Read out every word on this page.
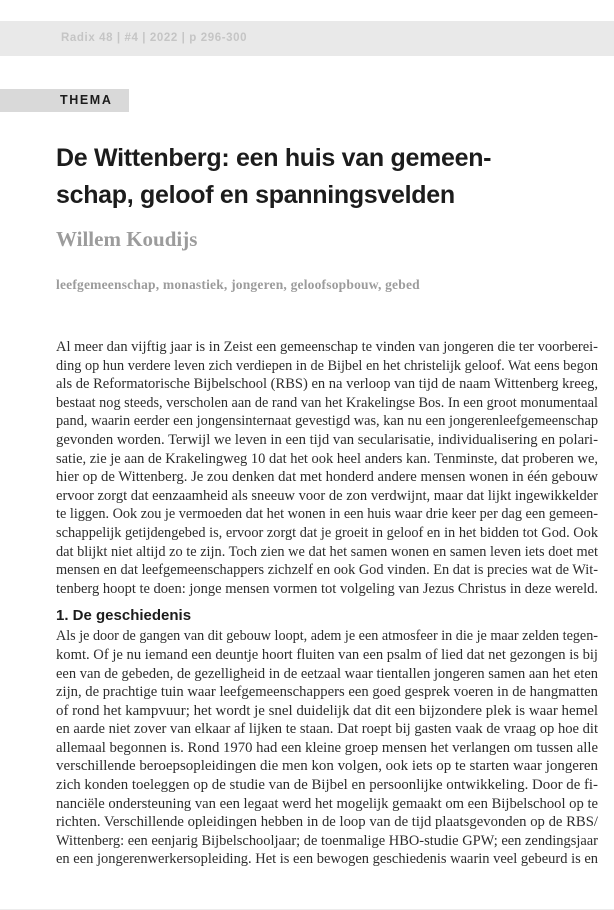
Radix 48 | #4 | 2022 | p 296-300
THEMA
De Wittenberg: een huis van gemeen-
schap, geloof en spanningsvelden
Willem Koudijs
leefgemeenschap, monastiek, jongeren, geloofsopbouw, gebed
Al meer dan vijftig jaar is in Zeist een gemeenschap te vinden van jongeren die ter voorberei-
ding op hun verdere leven zich verdiepen in de Bijbel en het christelijk geloof. Wat eens begon
als de Reformatorische Bijbelschool (RBS) en na verloop van tijd de naam Wittenberg kreeg,
bestaat nog steeds, verscholen aan de rand van het Krakelingse Bos. In een groot monumentaal
pand, waarin eerder een jongensinternaat gevestigd was, kan nu een jongerenleefgemeenschap
gevonden worden. Terwijl we leven in een tijd van secularisatie, individualisering en polari-
satie, zie je aan de Krakelingweg 10 dat het ook heel anders kan. Tenminste, dat proberen we,
hier op de Wittenberg. Je zou denken dat met honderd andere mensen wonen in één gebouw
ervoor zorgt dat eenzaamheid als sneeuw voor de zon verdwijnt, maar dat lijkt ingewikkelder
te liggen. Ook zou je vermoeden dat het wonen in een huis waar drie keer per dag een gemeen-
schappelijk getijdengebed is, ervoor zorgt dat je groeit in geloof en in het bidden tot God. Ook
dat blijkt niet altijd zo te zijn. Toch zien we dat het samen wonen en samen leven iets doet met
mensen en dat leefgemeenschappers zichzelf en ook God vinden. En dat is precies wat de Wit-
tenberg hoopt te doen: jonge mensen vormen tot volgeling van Jezus Christus in deze wereld.
1. De geschiedenis
Als je door de gangen van dit gebouw loopt, adem je een atmosfeer in die je maar zelden tegen-
komt. Of je nu iemand een deuntje hoort fluiten van een psalm of lied dat net gezongen is bij
een van de gebeden, de gezelligheid in de eetzaal waar tientallen jongeren samen aan het eten
zijn, de prachtige tuin waar leefgemeenschappers een goed gesprek voeren in de hangmatten
of rond het kampvuur; het wordt je snel duidelijk dat dit een bijzondere plek is waar hemel
en aarde niet zover van elkaar af lijken te staan. Dat roept bij gasten vaak de vraag op hoe dit
allemaal begonnen is. Rond 1970 had een kleine groep mensen het verlangen om tussen alle
verschillende beroepsopleidingen die men kon volgen, ook iets op te starten waar jongeren
zich konden toeleggen op de studie van de Bijbel en persoonlijke ontwikkeling. Door de fi-
nanciële ondersteuning van een legaat werd het mogelijk gemaakt om een Bijbelschool op te
richten. Verschillende opleidingen hebben in de loop van de tijd plaatsgevonden op de RBS/
Wittenberg: een eenjarig Bijbelschooljaar; de toenmalige HBO-studie GPW; een zendingsjaar
en een jongerenwerkersopleiding. Het is een bewogen geschiedenis waarin veel gebeurd is en
